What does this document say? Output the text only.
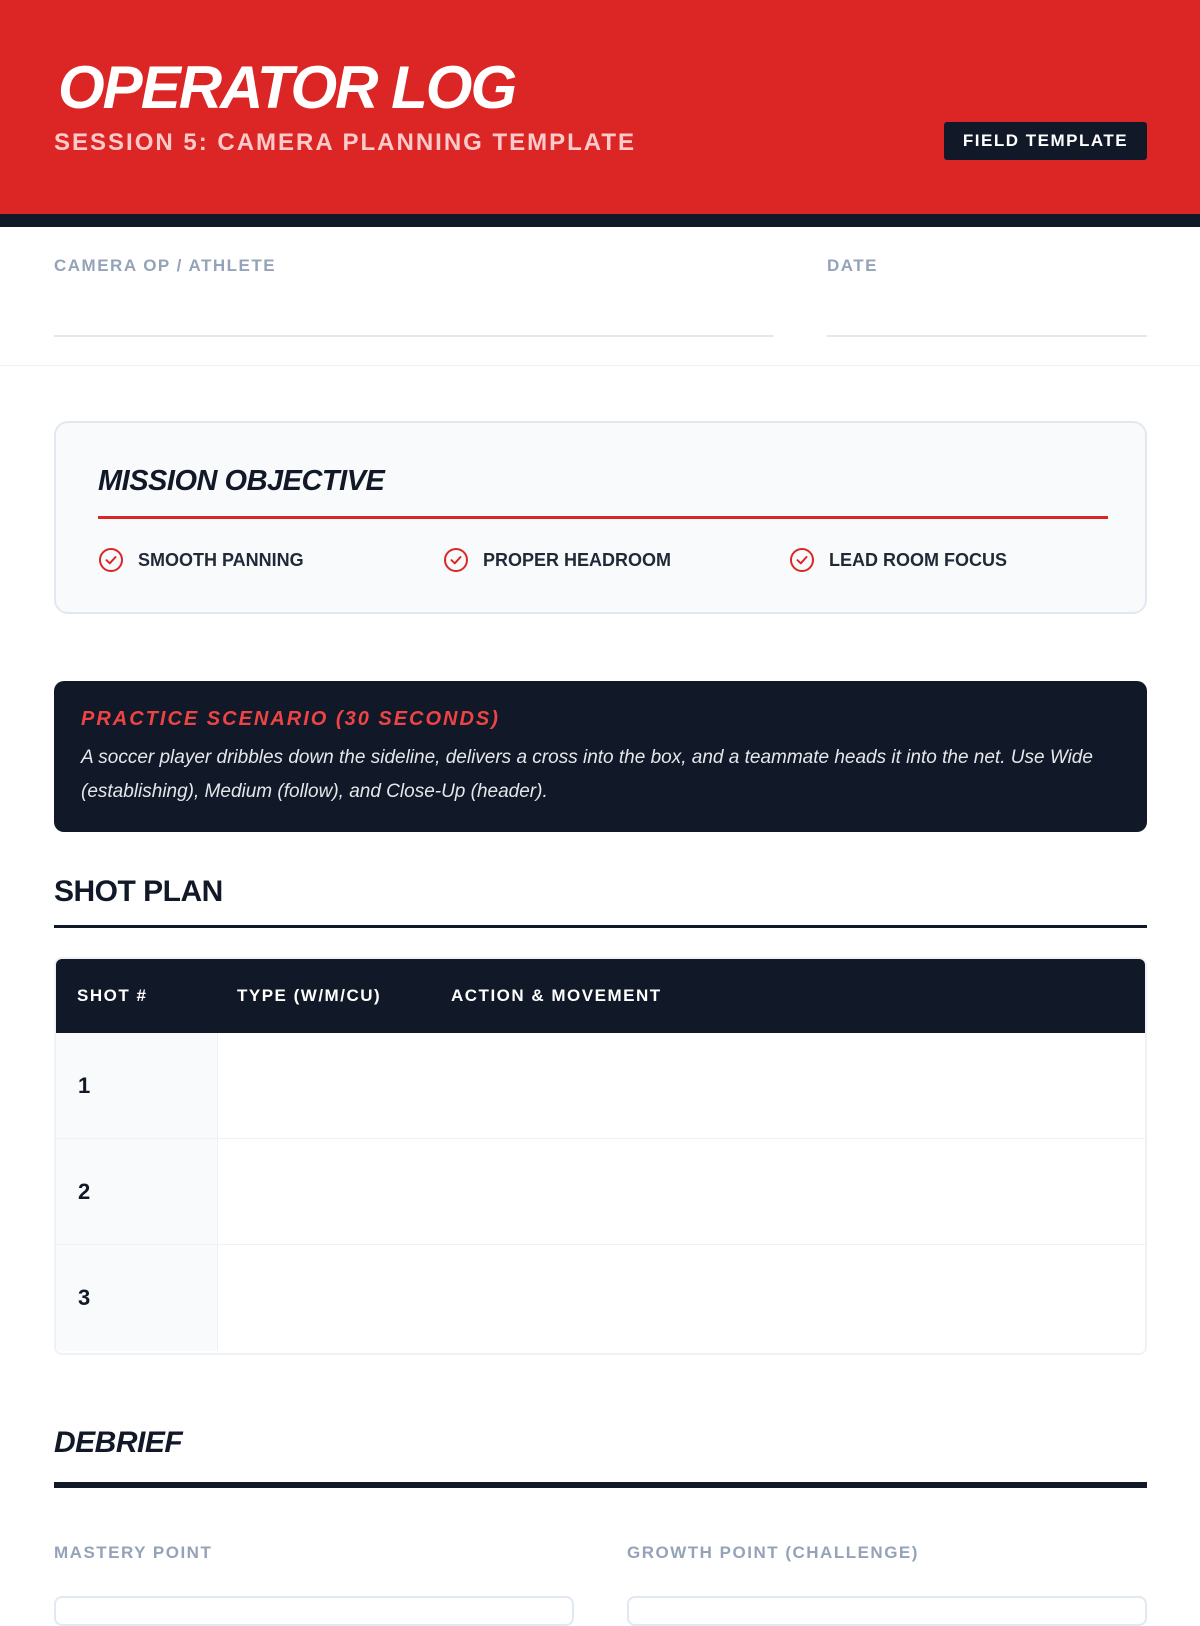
OPERATOR LOG
SESSION 5: CAMERA PLANNING TEMPLATE	FIELD TEMPLATE
CAMERA OP / ATHLETE	DATE
MISSION OBJECTIVE
SMOOTH PANNING	PROPER HEADROOM	LEAD ROOM FOCUS
PRACTICE SCENARIO (30 SECONDS)
A soccer player dribbles down the sideline, delivers a cross into the box, and a teammate heads it into the net. Use Wide (establishing), Medium (follow), and Close-Up (header).
SHOT PLAN
SHOT #	TYPE (W/M/CU)	ACTION & MOVEMENT
1
2
3
DEBRIEF
MASTERY POINT	GROWTH POINT (CHALLENGE)
